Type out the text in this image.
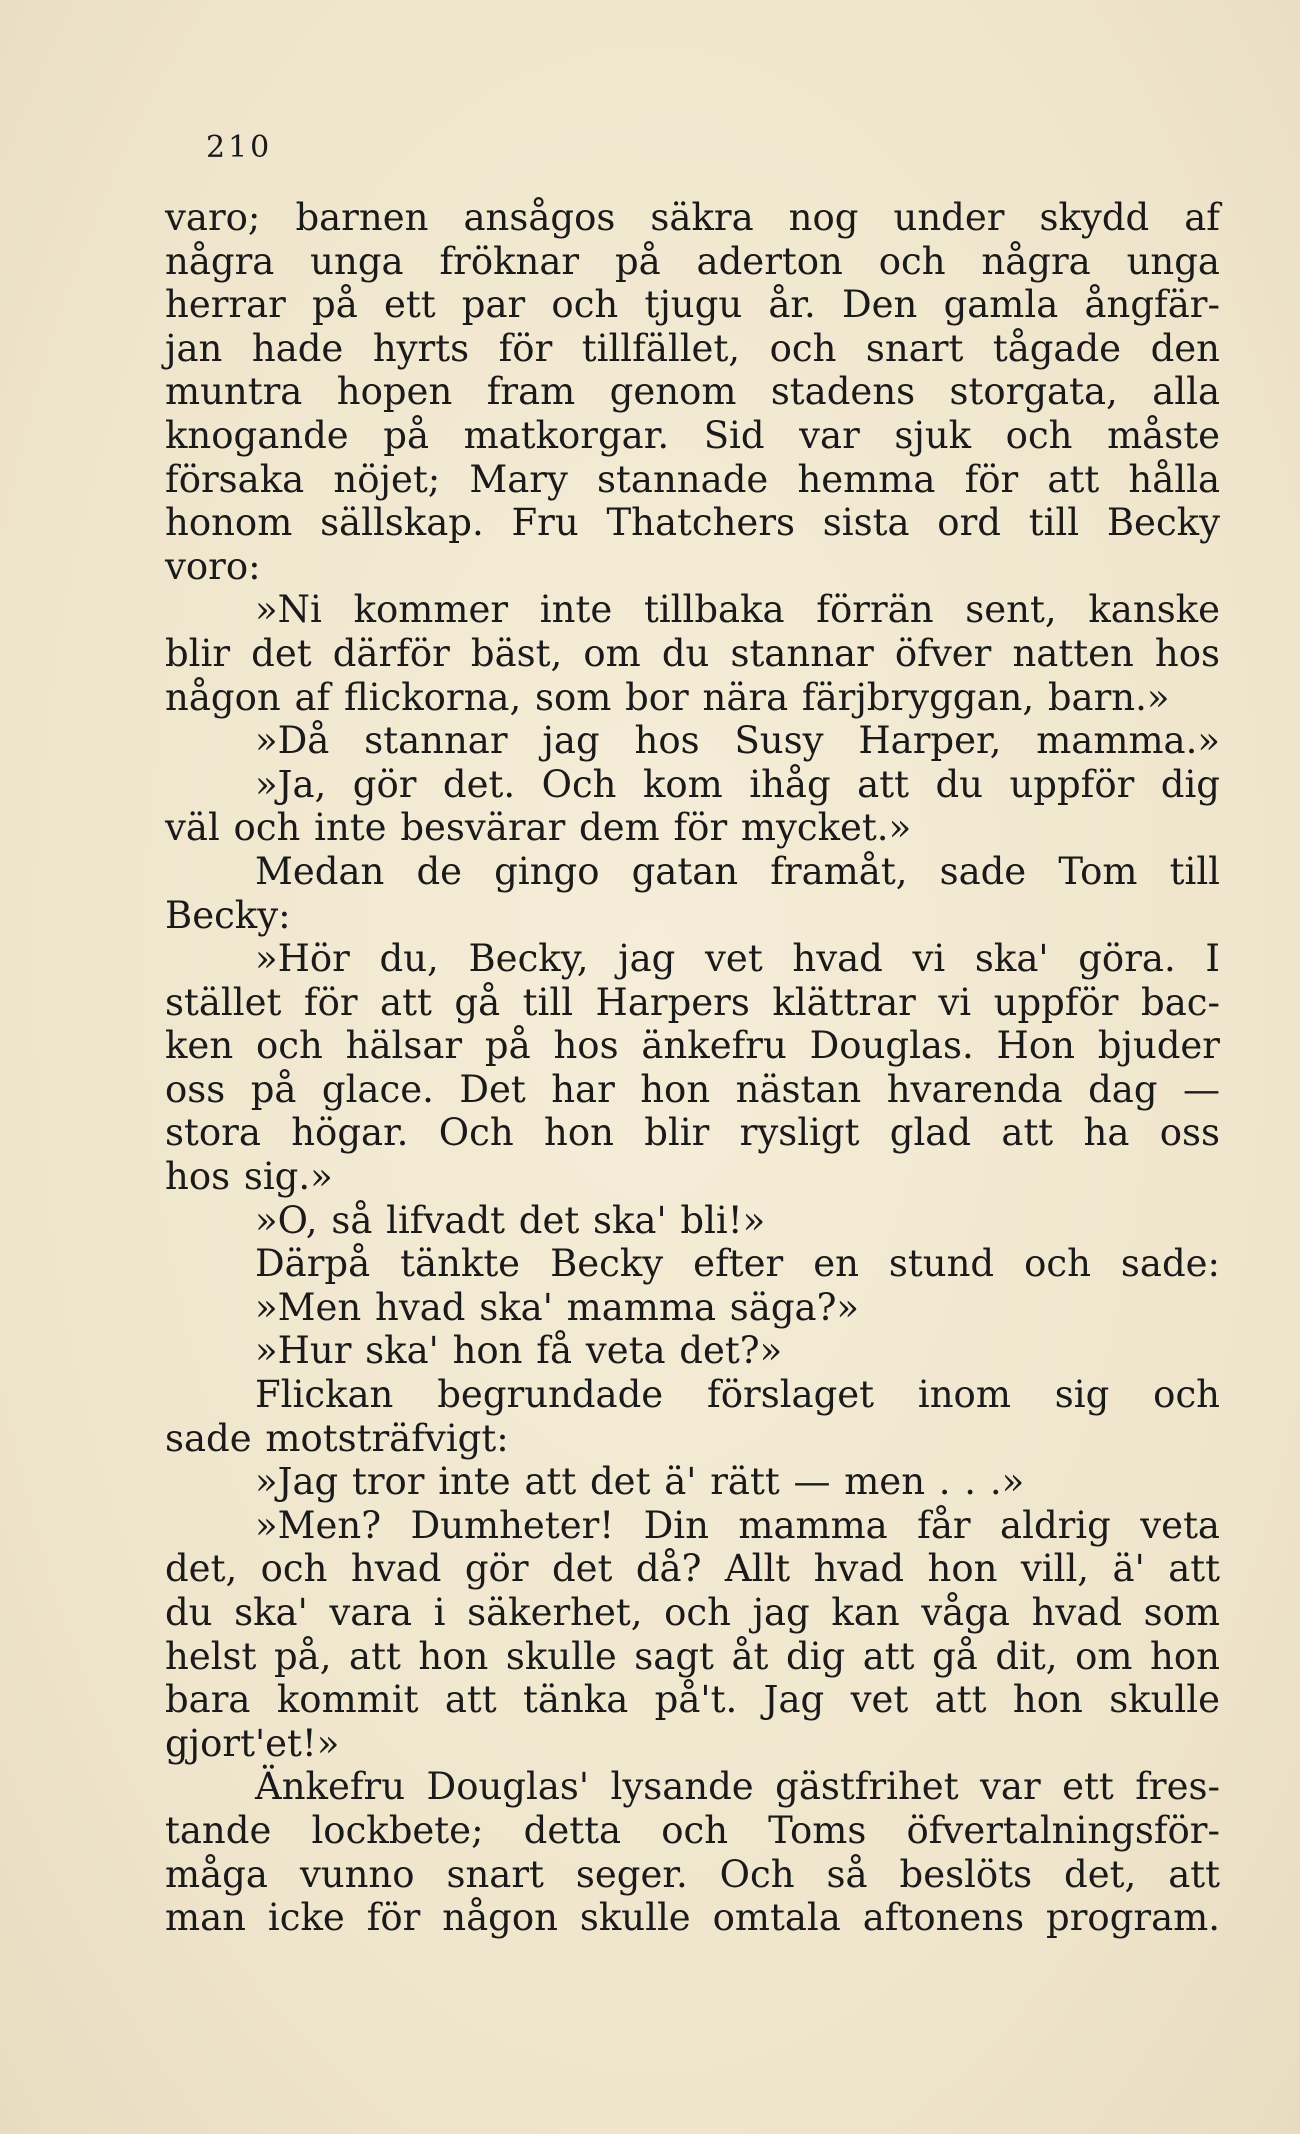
210
varo; barnen ansågos säkra nog under skydd af
några unga fröknar på aderton och några unga
herrar på ett par och tjugu år. Den gamla ångfär-
jan hade hyrts för tillfället, och snart tågade den
muntra hopen fram genom stadens storgata, alla
knogande på matkorgar. Sid var sjuk och måste
försaka nöjet; Mary stannade hemma för att hålla
honom sällskap. Fru Thatchers sista ord till Becky
voro:
»Ni kommer inte tillbaka förrän sent, kanske
blir det därför bäst, om du stannar öfver natten hos
någon af flickorna, som bor nära färjbryggan, barn.»
»Då stannar jag hos Susy Harper, mamma.»
»Ja, gör det. Och kom ihåg att du uppför dig
väl och inte besvärar dem för mycket.»
Medan de gingo gatan framåt, sade Tom till
Becky:
»Hör du, Becky, jag vet hvad vi ska' göra. I
stället för att gå till Harpers klättrar vi uppför bac-
ken och hälsar på hos änkefru Douglas. Hon bjuder
oss på glace. Det har hon nästan hvarenda dag —
stora högar. Och hon blir rysligt glad att ha oss
hos sig.»
»O, så lifvadt det ska' bli!»
Därpå tänkte Becky efter en stund och sade:
»Men hvad ska' mamma säga?»
»Hur ska' hon få veta det?»
Flickan begrundade förslaget inom sig och
sade motsträfvigt:
»Jag tror inte att det ä' rätt — men . . .»
»Men? Dumheter! Din mamma får aldrig veta
det, och hvad gör det då? Allt hvad hon vill, ä' att
du ska' vara i säkerhet, och jag kan våga hvad som
helst på, att hon skulle sagt åt dig att gå dit, om hon
bara kommit att tänka på't. Jag vet att hon skulle
gjort'et!»
Änkefru Douglas' lysande gästfrihet var ett fres-
tande lockbete; detta och Toms öfvertalningsför-
måga vunno snart seger. Och så beslöts det, att
man icke för någon skulle omtala aftonens program.
